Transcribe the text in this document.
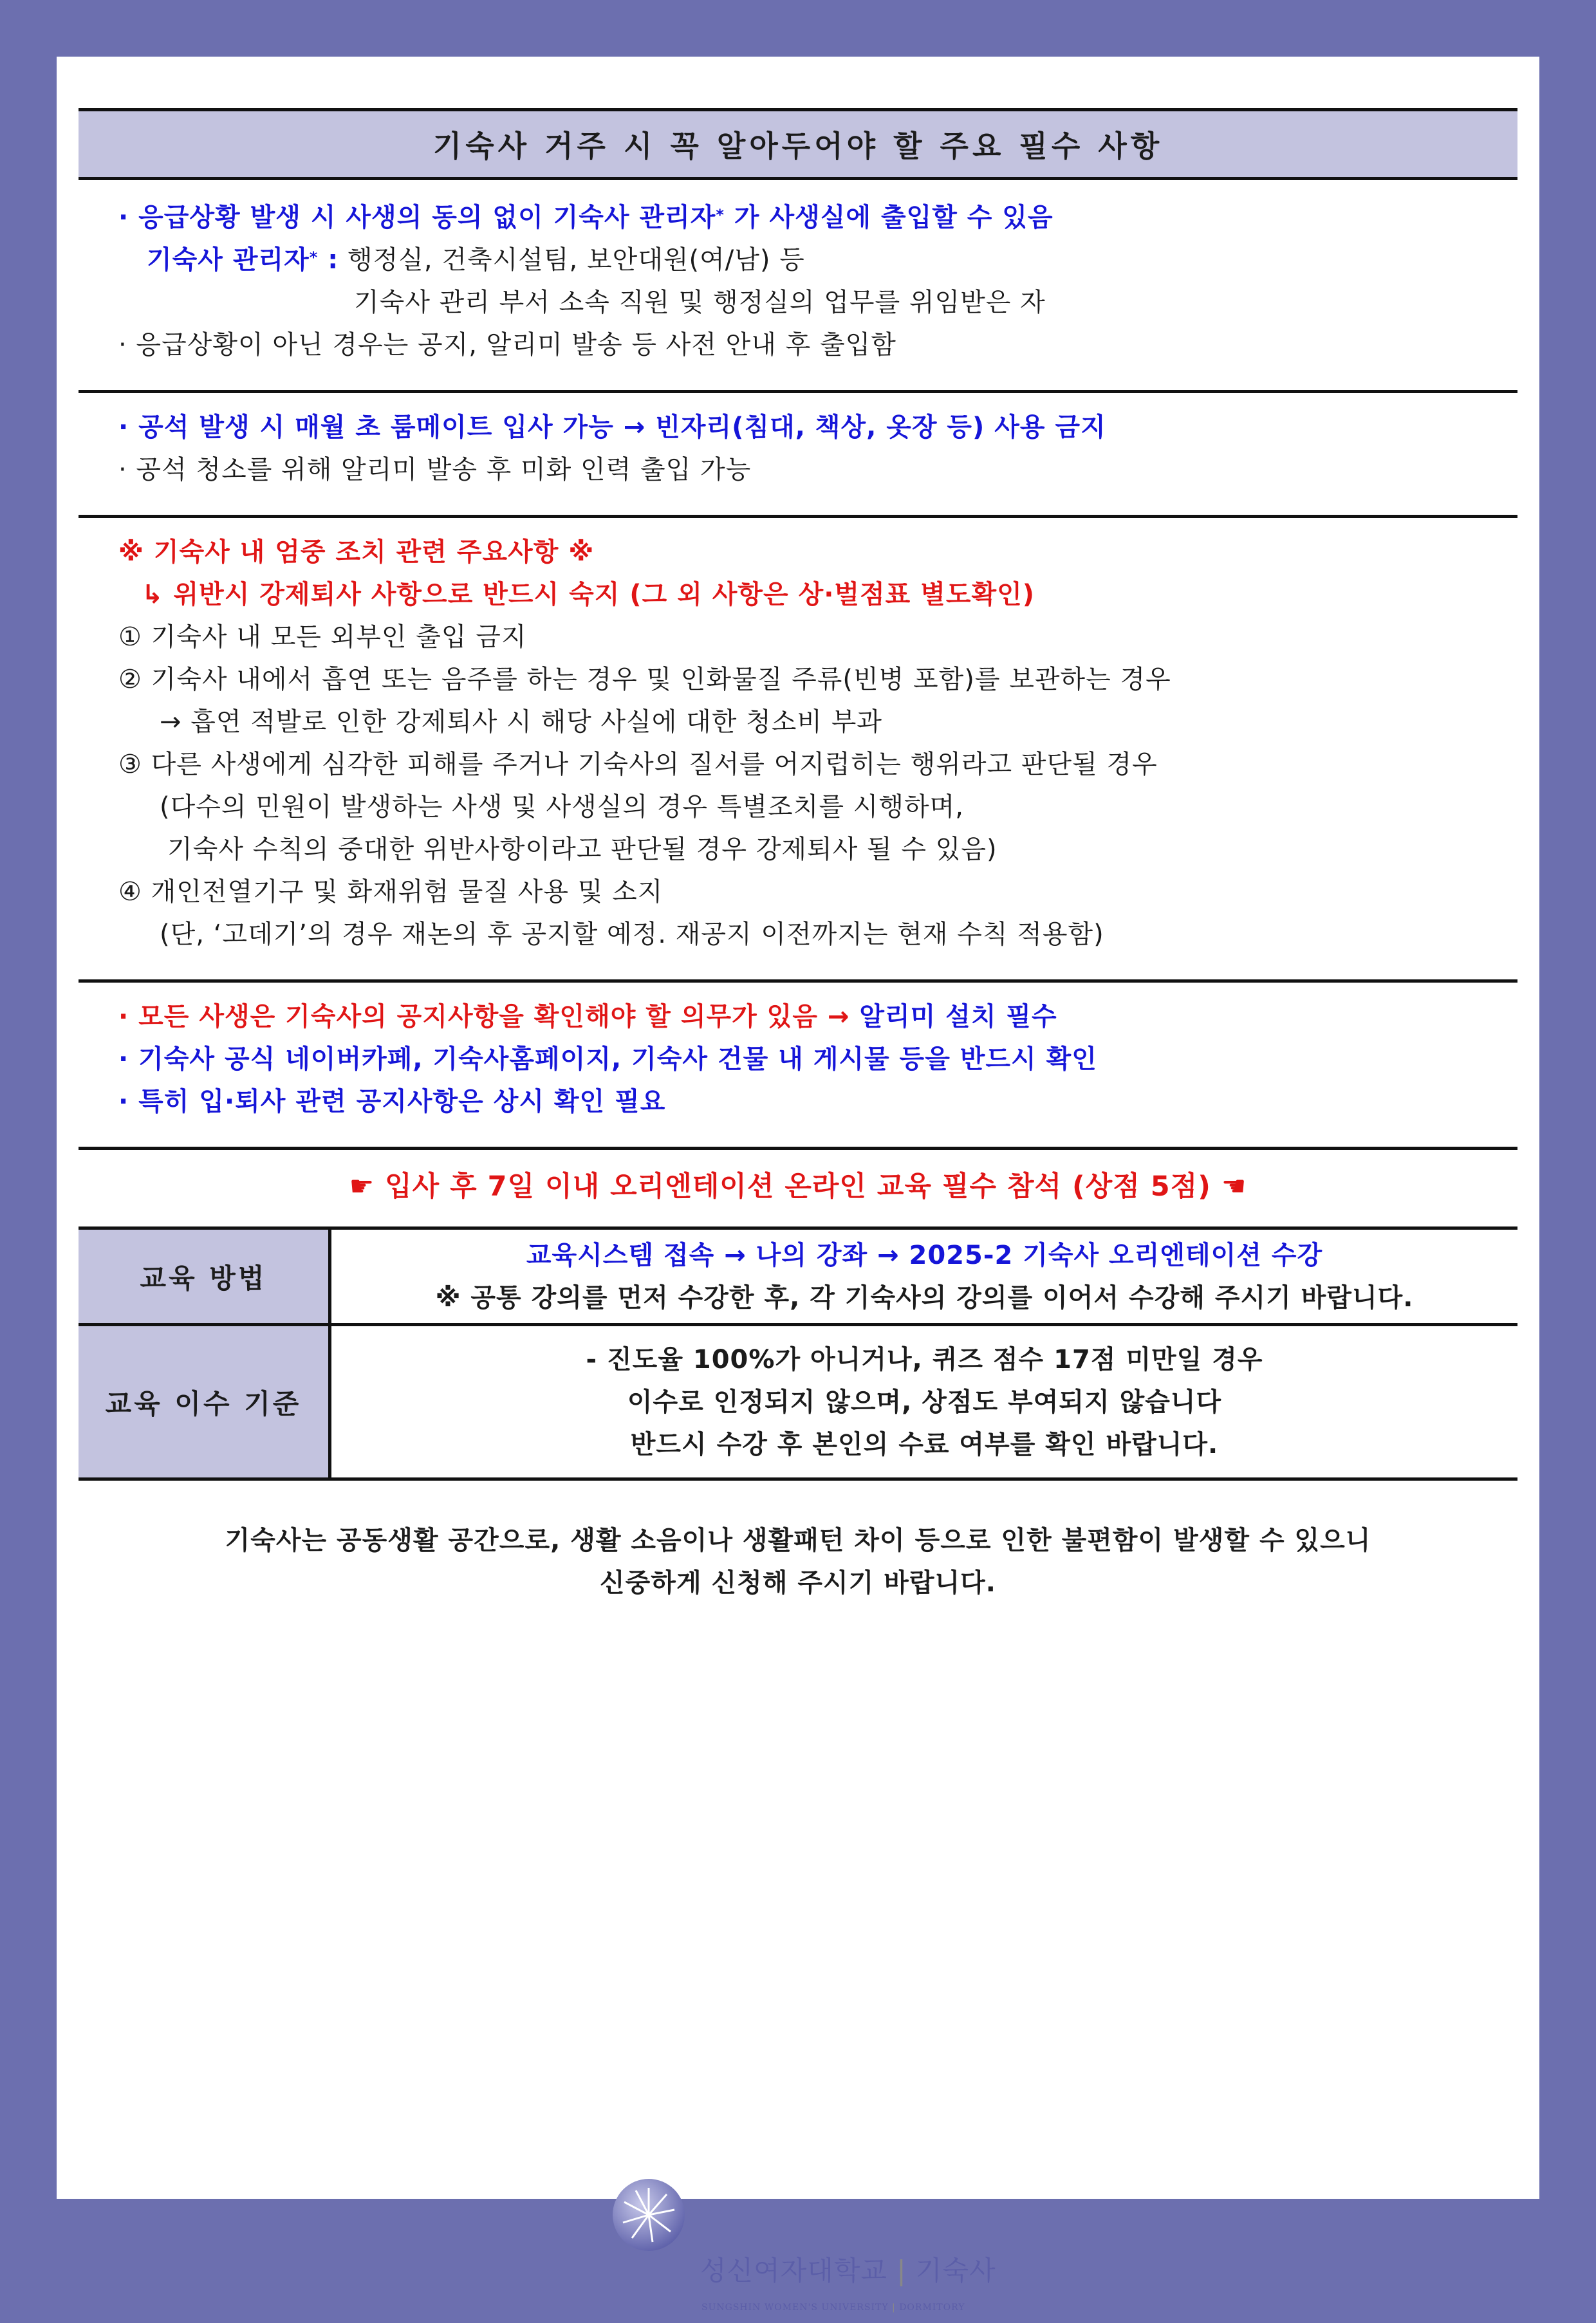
기숙사 거주 시 꼭 알아두어야 할 주요 필수 사항
· 응급상황 발생 시 사생의 동의 없이 기숙사 관리자* 가 사생실에 출입할 수 있음
기숙사 관리자* : 행정실, 건축시설팀, 보안대원(여/남) 등
기숙사 관리 부서 소속 직원 및 행정실의 업무를 위임받은 자
· 응급상황이 아닌 경우는 공지, 알리미 발송 등 사전 안내 후 출입함
· 공석 발생 시 매월 초 룸메이트 입사 가능 → 빈자리(침대, 책상, 옷장 등) 사용 금지
· 공석 청소를 위해 알리미 발송 후 미화 인력 출입 가능
※ 기숙사 내 엄중 조치 관련 주요사항 ※
↳ 위반시 강제퇴사 사항으로 반드시 숙지 (그 외 사항은 상·벌점표 별도확인)
① 기숙사 내 모든 외부인 출입 금지
② 기숙사 내에서 흡연 또는 음주를 하는 경우 및 인화물질 주류(빈병 포함)를 보관하는 경우
→ 흡연 적발로 인한 강제퇴사 시 해당 사실에 대한 청소비 부과
③ 다른 사생에게 심각한 피해를 주거나 기숙사의 질서를 어지럽히는 행위라고 판단될 경우
(다수의 민원이 발생하는 사생 및 사생실의 경우 특별조치를 시행하며,
기숙사 수칙의 중대한 위반사항이라고 판단될 경우 강제퇴사 될 수 있음)
④ 개인전열기구 및 화재위험 물질 사용 및 소지
(단, ‘고데기’의 경우 재논의 후 공지할 예정. 재공지 이전까지는 현재 수칙 적용함)
· 모든 사생은 기숙사의 공지사항을 확인해야 할 의무가 있음 → 알리미 설치 필수
· 기숙사 공식 네이버카페, 기숙사홈페이지, 기숙사 건물 내 게시물 등을 반드시 확인
· 특히 입·퇴사 관련 공지사항은 상시 확인 필요
☛ 입사 후 7일 이내 오리엔테이션 온라인 교육 필수 참석 (상점 5점) ☚
교육 방법	교육시스템 접속 → 나의 강좌 → 2025-2 기숙사 오리엔테이션 수강
※ 공통 강의를 먼저 수강한 후, 각 기숙사의 강의를 이어서 수강해 주시기 바랍니다.

교육 이수 기준	- 진도율 100%가 아니거나, 퀴즈 점수 17점 미만일 경우
이수로 인정되지 않으며, 상점도 부여되지 않습니다
반드시 수강 후 본인의 수료 여부를 확인 바랍니다.
기숙사는 공동생활 공간으로, 생활 소음이나 생활패턴 차이 등으로 인한 불편함이 발생할 수 있으니
신중하게 신청해 주시기 바랍니다.
성신여자대학교 | 기숙사
SUNGSHIN WOMEN'S UNIVERSITY | DORMITORY
